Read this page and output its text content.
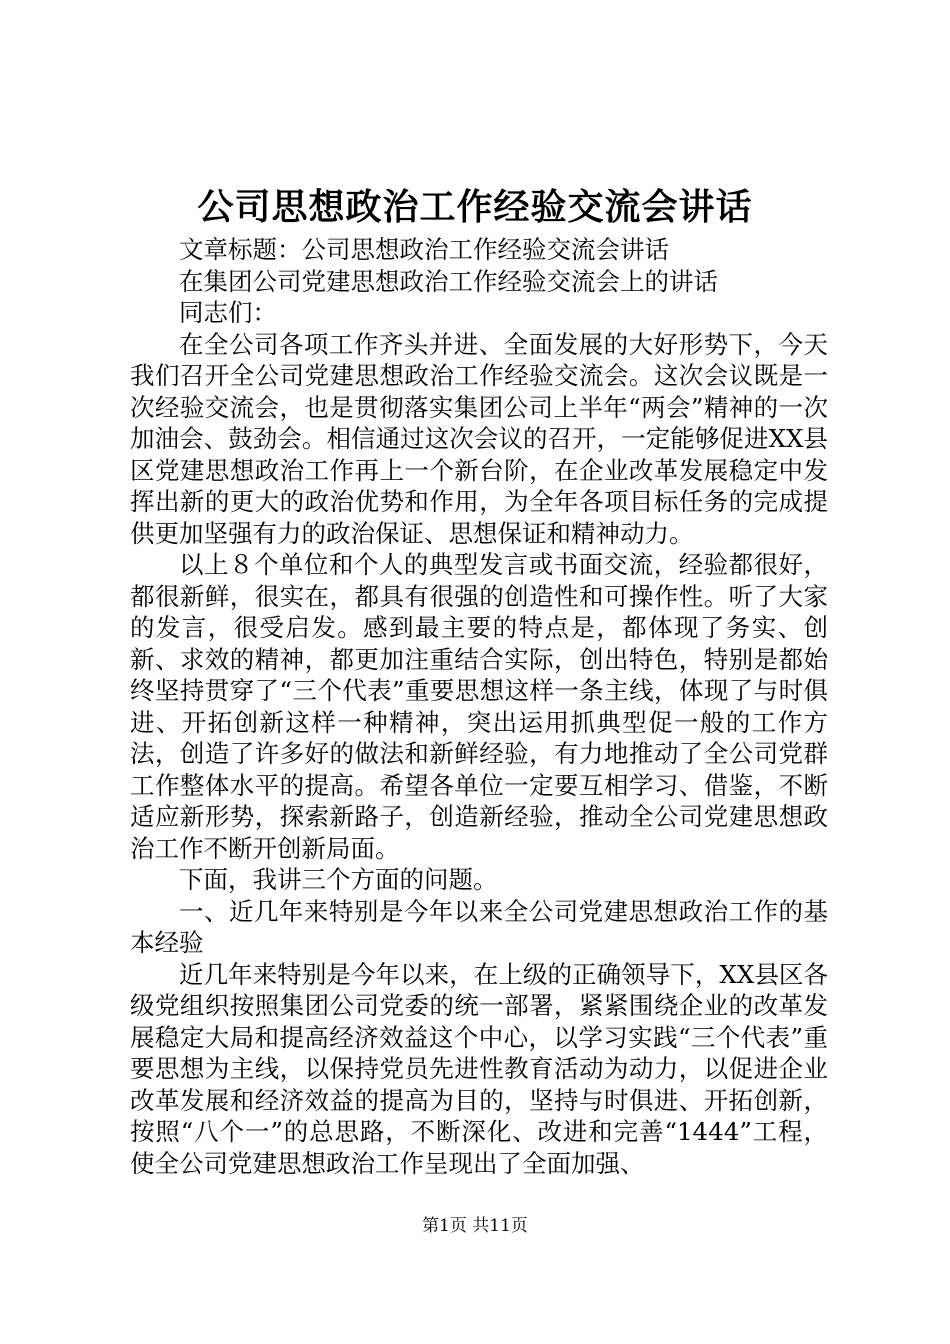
公司思想政治工作经验交流会讲话

文章标题：公司思想政治工作经验交流会讲话

在集团公司党建思想政治工作经验交流会上的讲话

同志们：

在全公司各项工作齐头并进、全面发展的大好形势下，今天我们召开全公司党建思想政治工作经验交流会。这次会议既是一次经验交流会，也是贯彻落实集团公司上半年“两会”精神的一次加油会、鼓劲会。相信通过这次会议的召开，一定能够促进XX县区党建思想政治工作再上一个新台阶，在企业改革发展稳定中发挥出新的更大的政治优势和作用，为全年各项目标任务的完成提供更加坚强有力的政治保证、思想保证和精神动力。

以上８个单位和个人的典型发言或书面交流，经验都很好，都很新鲜，很实在，都具有很强的创造性和可操作性。听了大家的发言，很受启发。感到最主要的特点是，都体现了务实、创新、求效的精神，都更加注重结合实际，创出特色，特别是都始终坚持贯穿了“三个代表”重要思想这样一条主线，体现了与时俱进、开拓创新这样一种精神，突出运用抓典型促一般的工作方法，创造了许多好的做法和新鲜经验，有力地推动了全公司党群工作整体水平的提高。希望各单位一定要互相学习、借鉴，不断适应新形势，探索新路子，创造新经验，推动全公司党建思想政治工作不断开创新局面。

下面，我讲三个方面的问题。

一、近几年来特别是今年以来全公司党建思想政治工作的基本经验

近几年来特别是今年以来，在上级的正确领导下，XX县区各级党组织按照集团公司党委的统一部署，紧紧围绕企业的改革发展稳定大局和提高经济效益这个中心，以学习实践“三个代表”重要思想为主线，以保持党员先进性教育活动为动力，以促进企业改革发展和经济效益的提高为目的，坚持与时俱进、开拓创新，按照“八个一”的总思路，不断深化、改进和完善“1444”工程，使全公司党建思想政治工作呈现出了全面加强、

第1页 共11页
